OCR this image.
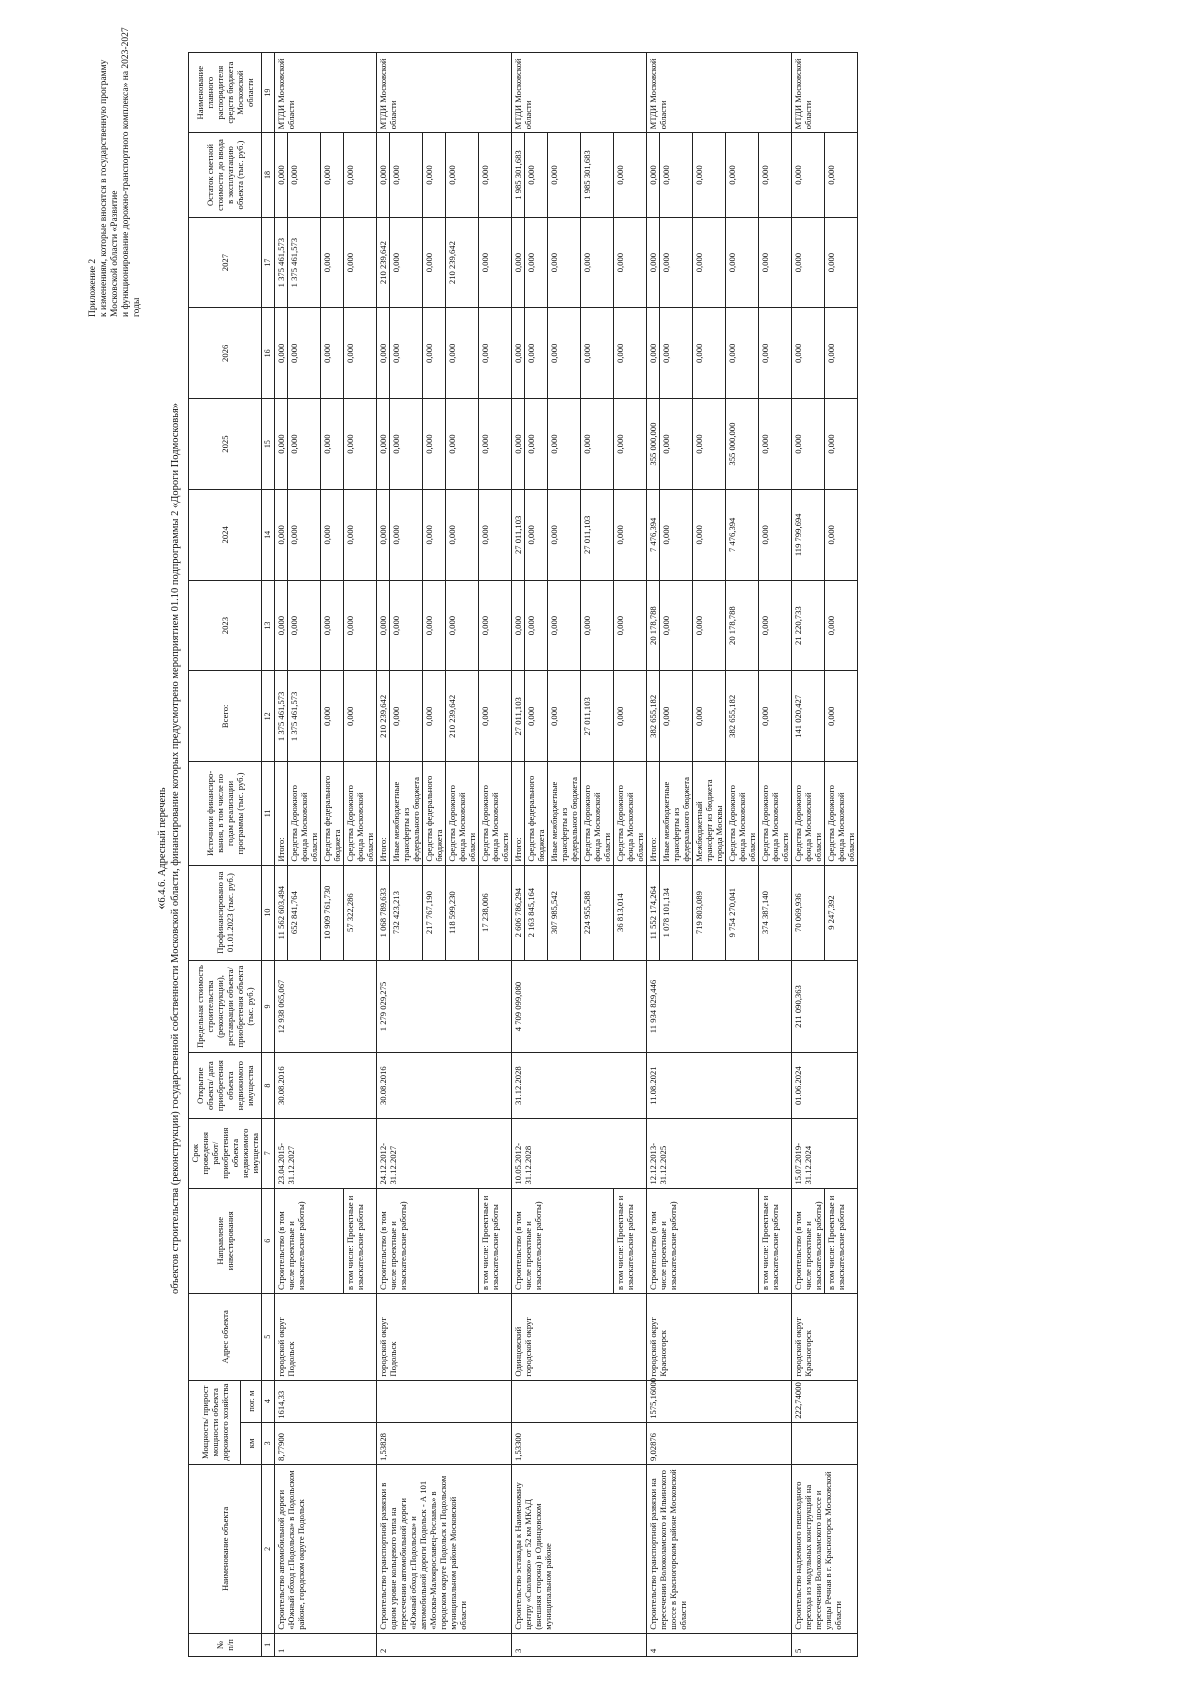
Приложение 2 к изменениям, которые вносятся в государственную программу Московской области «Развитие и функционирование дорожно-транспортного комплекса» на 2023-2027 годы
«6.4.6. Адресный перечень объектов строительства (реконструкции) государственной собственности Московской области, финансирование которых предусмотрено мероприятием 01.10 подпрограммы 2 «Дороги Подмосковья»
№ п/п	Наименование объекта	Мощность/ прирост мощности объекта дорожного хозяйства		Адрес объекта	Направление инвестирования	Срок проведения работ/ приобретения объекта недвижимого имущества	Открытие объекта/ дата приобретения объекта недвижимого имущества	Предельная стоимость строительства (реконструкции), реставрации объекта/ приобретения объекта (тыс. руб.)	Профинансировано на 01.01.2023 (тыс. руб.)	Источники финансиро-вания, в том числе по годам реализации программы (тыс. руб.)	Всего:	2023	2024	2025	2026	2027	Остаток сметной стоимости до ввода в эксплуатацию объекта (тыс. руб.)	Наименование главного распорядителя средств бюджета Московской области
		км	пог. м															
1	2	3	4	5	6	7	8	9	10	11	12	13	14	15	16	17	18	19
1	Строительство автомобильной дороги «Южный обход г.Подольска» в Подольском районе, городском округе Подольск	8,77900	1614,33	городской округ Подольск	Строительство (в том числе проектные и изыскательские работы)	23.04.2015-31.12.2027	30.08.2016	12 938 065,067	11 562 603,494	Итого:	1 375 461,573	0,000	0,000	0,000	0,000	1 375 461,573	0,000	МТДИ Московской области
									652 841,764	Средства Дорожного фонда Московской области	1 375 461,573	0,000	0,000	0,000	0,000	1 375 461,573	0,000	
									10 909 761,730	Средства федерального бюджета	0,000	0,000	0,000	0,000	0,000	0,000	0,000	
					в том числе: Проектные и изыскательские работы				57 322,286	Средства Дорожного фонда Московской области	0,000	0,000	0,000	0,000	0,000	0,000	0,000	
2	Строительство транспортной развязки в одном уровне кольцевого типа на пересечении автомобильной дороги «Южный обход г.Подольска» и автомобильной дороги Подольск - А 101 «Москва-Малоярославец-Рославль» в городском округе Подольск и Подольском муниципальном районе Московской области	1,53828		городской округ Подольск	Строительство (в том числе проектные и изыскательские работы)	24.12.2012-31.12.2027	30.08.2016	1 279 029,275	1 068 789,633	Итого:	210 239,642	0,000	0,000	0,000	0,000	210 239,642	0,000	МТДИ Московской области
									732 423,213	Иные межбюджетные трансферты из федерального бюджета	0,000	0,000	0,000	0,000	0,000	0,000	0,000	
									217 767,190	Средства федерального бюджета	0,000	0,000	0,000	0,000	0,000	0,000	0,000	
									118 599,230	Средства Дорожного фонда Московской области	210 239,642	0,000	0,000	0,000	0,000	210 239,642	0,000	
					в том числе: Проектные и изыскательские работы				17 238,006	Средства Дорожного фонда Московской области	0,000	0,000	0,000	0,000	0,000	0,000	0,000	
3	Строительство эстакады к Наименовану центру «Сколково» от 52 км МКАД (внешняя сторона) в Одинцовском муниципальном районе	1,53300		Одинцовский городской округ	Строительство (в том числе проектные и изыскательские работы)	10.05.2012-31.12.2028	31.12.2028	4 709 099,080	2 606 786,294	Итого:	27 011,103	0,000	27 011,103	0,000	0,000	0,000	1 985 301,683	МТДИ Московской области
									2 163 845,164	Средства федерального бюджета	0,000	0,000	0,000	0,000	0,000	0,000	0,000	
									307 985,542	Иные межбюджетные трансферты из федерального бюджета	0,000	0,000	0,000	0,000	0,000	0,000	0,000	
									224 955,588	Средства Дорожного фонда Московской области	27 011,103	0,000	27 011,103	0,000	0,000	0,000	1 985 301,683	
					в том числе: Проектные и изыскательские работы				36 813,014	Средства Дорожного фонда Московской области	0,000	0,000	0,000	0,000	0,000	0,000	0,000	
4	Строительство транспортной развязки на пересечении Волоколамского и Ильинского шоссе в Красногорском районе Московской области	9,02876	1575,16000	городской округ Красногорск	Строительство (в том числе проектные и изыскательские работы)	12.12.2013-31.12.2025	11.08.2021	11 934 829,446	11 552 174,264	Итого:	382 655,182	20 178,788	7 476,394	355 000,000	0,000	0,000	0,000	МТДИ Московской области
									1 078 101,134	Иные межбюджетные трансферты из федерального бюджета	0,000	0,000	0,000	0,000	0,000	0,000	0,000	
									719 803,089	Межбюджетный трансферт из бюджета города Москвы	0,000	0,000	0,000	0,000	0,000	0,000	0,000	
									9 754 270,041	Средства Дорожного фонда Московской области	382 655,182	20 178,788	7 476,394	355 000,000	0,000	0,000	0,000	
					в том числе: Проектные и изыскательские работы				374 387,140	Средства Дорожного фонда Московской области	0,000	0,000	0,000	0,000	0,000	0,000	0,000	
5	Строительство надземного пешеходного перехода из модульных конструкций на пересечении Волоколамского шоссе и улицы Речная в г. Красногорск Московской области		222,74000	городской округ Красногорск	Строительство (в том числе проектные и изыскательские работы)	15.07.2019-31.12.2024	01.06.2024	211 090,363	70 069,936	Средства Дорожного фонда Московской области	141 020,427	21 220,733	119 799,694	0,000	0,000	0,000	0,000	МТДИ Московской области
					в том числе: Проектные и изыскательские работы				9 247,392	Средства Дорожного фонда Московской области	0,000	0,000	0,000	0,000	0,000	0,000	0,000	
